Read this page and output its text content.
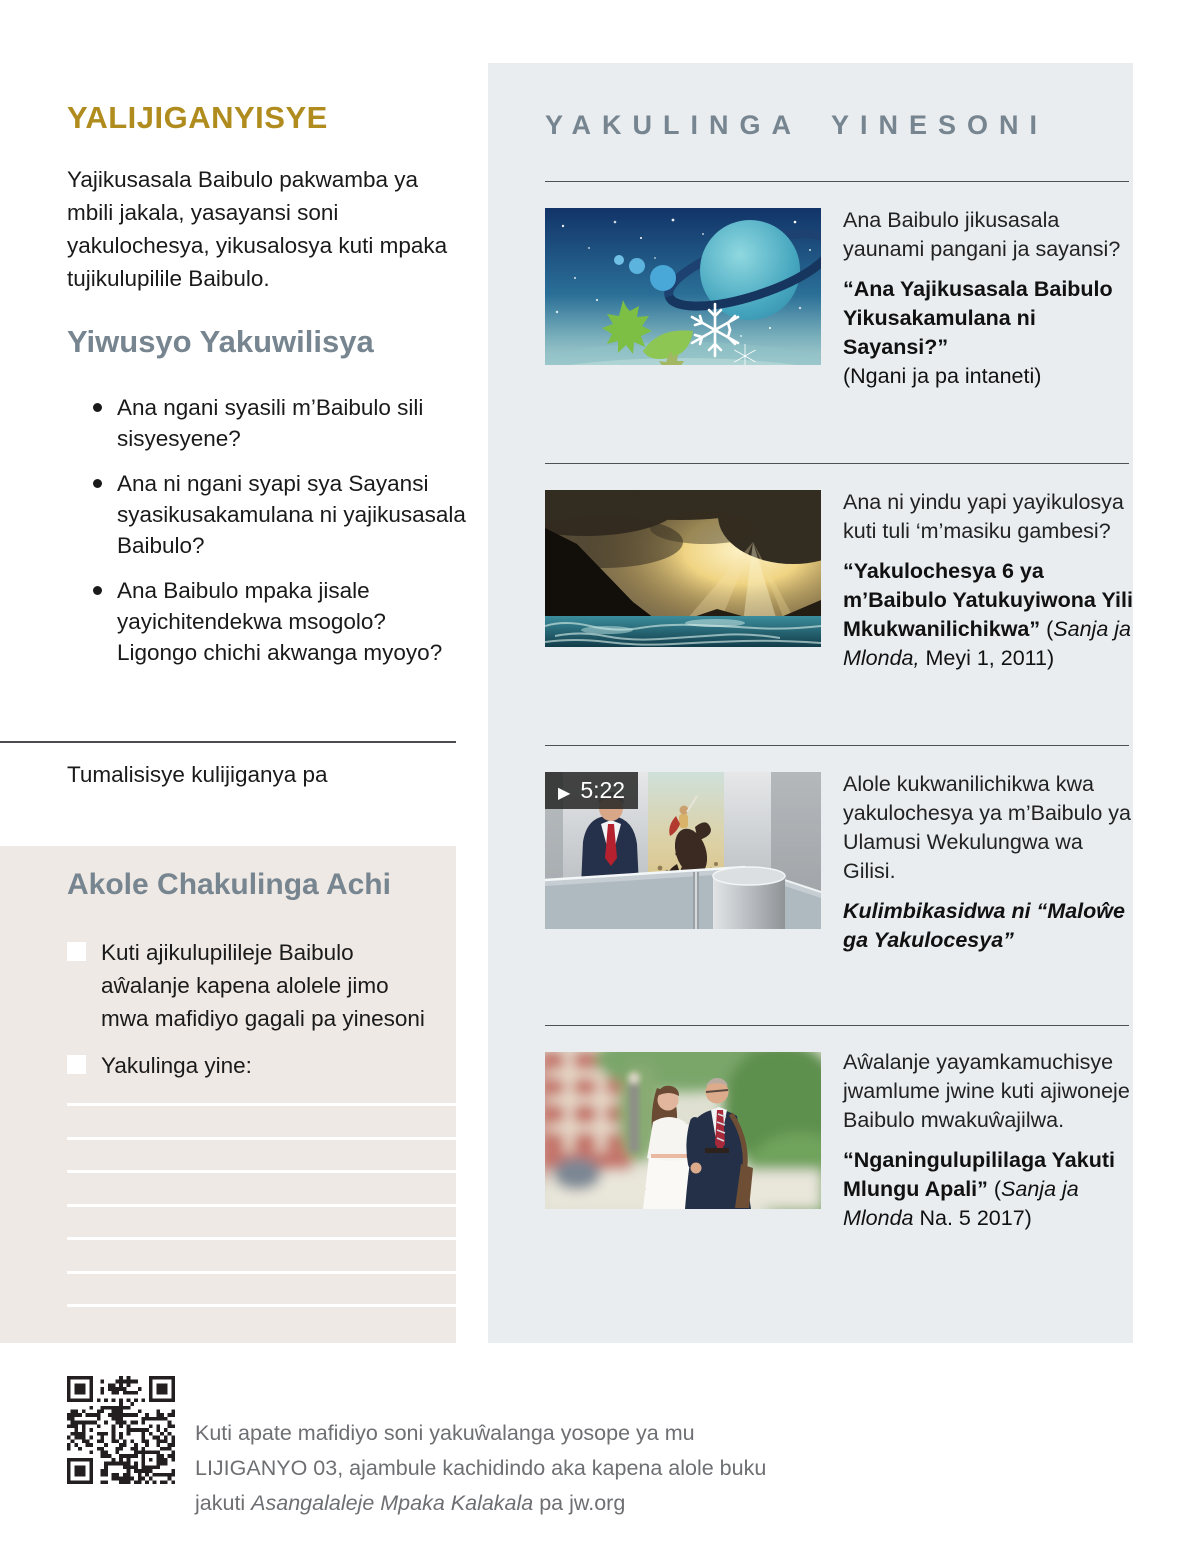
YALIJIGANYISYE

Yajikusasala Baibulo pakwamba ya mbili jakala, yasayansi soni yakulochesya, yikusalosya kuti mpaka tujikulupilile Baibulo.

Yiwusyo Yakuwilisya
Ana ngani syasili m’Baibulo sili sisyesyene?
Ana ni ngani syapi sya Sayansi syasikusakamulana ni yajikusasala Baibulo?
Ana Baibulo mpaka jisale yayichitendekwa msogolo? Ligongo chichi akwanga myoyo?

Tumalisisye kulijiganya pa

Akole Chakulinga Achi

Kuti ajikulupilileje Baibulo aŵalanje kapena alolele jimo mwa mafidiyo gagali pa yinesoni

Yakulinga yine:

Kuti apate mafidiyo soni yakuŵalanga yosope ya mu LIJIGANYO 03, ajambule kachidindo aka kapena alole buku jakuti Asangalaleje Mpaka Kalakala pa jw.org

YAKULINGA YINESONI
▶
5:22

Ana Baibulo jikusasala yaunami pangani ja sayansi?

“Ana Yajikusasala Baibulo Yikusakamulana ni Sayansi?”
(Ngani ja pa intaneti)

Ana ni yindu yapi yayikulosya kuti tuli ‘m’masiku gambesi?

“Yakulochesya 6 ya m’Baibulo Yatukuyiwona Yili Mkukwanilichikwa” (Sanja ja Mlonda, Meyi 1, 2011)

Alole kukwanilichikwa kwa yakulochesya ya m’Baibulo ya Ulamusi Wekulungwa wa Gilisi.

Kulimbikasidwa ni “Maloŵe ga Yakulocesya”

Aŵalanje yayamkamuchisye jwamlume jwine kuti ajiwoneje Baibulo mwakuŵajilwa.

“Nganingulupililaga Yakuti Mlungu Apali” (Sanja ja Mlonda Na. 5 2017)
